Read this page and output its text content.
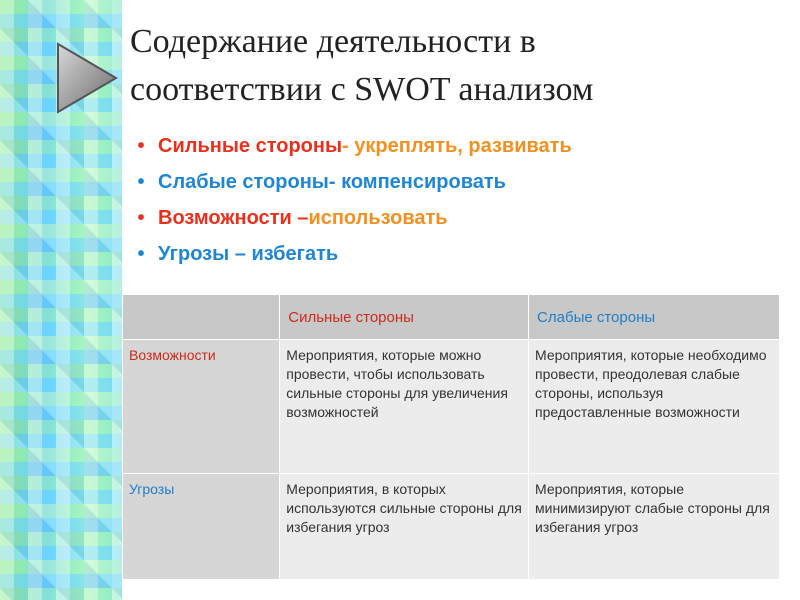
Содержание деятельности в
соответствии с SWOT анализом
• Сильные стороны- укреплять, развивать
• Слабые стороны- компенсировать
• Возможности –использовать
• Угрозы – избегать
	Сильные стороны	Слабые стороны
Возможности	Мероприятия, которые можно провести, чтобы использовать сильные стороны для увеличения возможностей	Мероприятия, которые необходимо провести, преодолевая слабые стороны, используя предоставленные возможности
Угрозы	Мероприятия, в которых используются сильные стороны для избегания угроз	Мероприятия, которые минимизируют слабые стороны для избегания угроз
